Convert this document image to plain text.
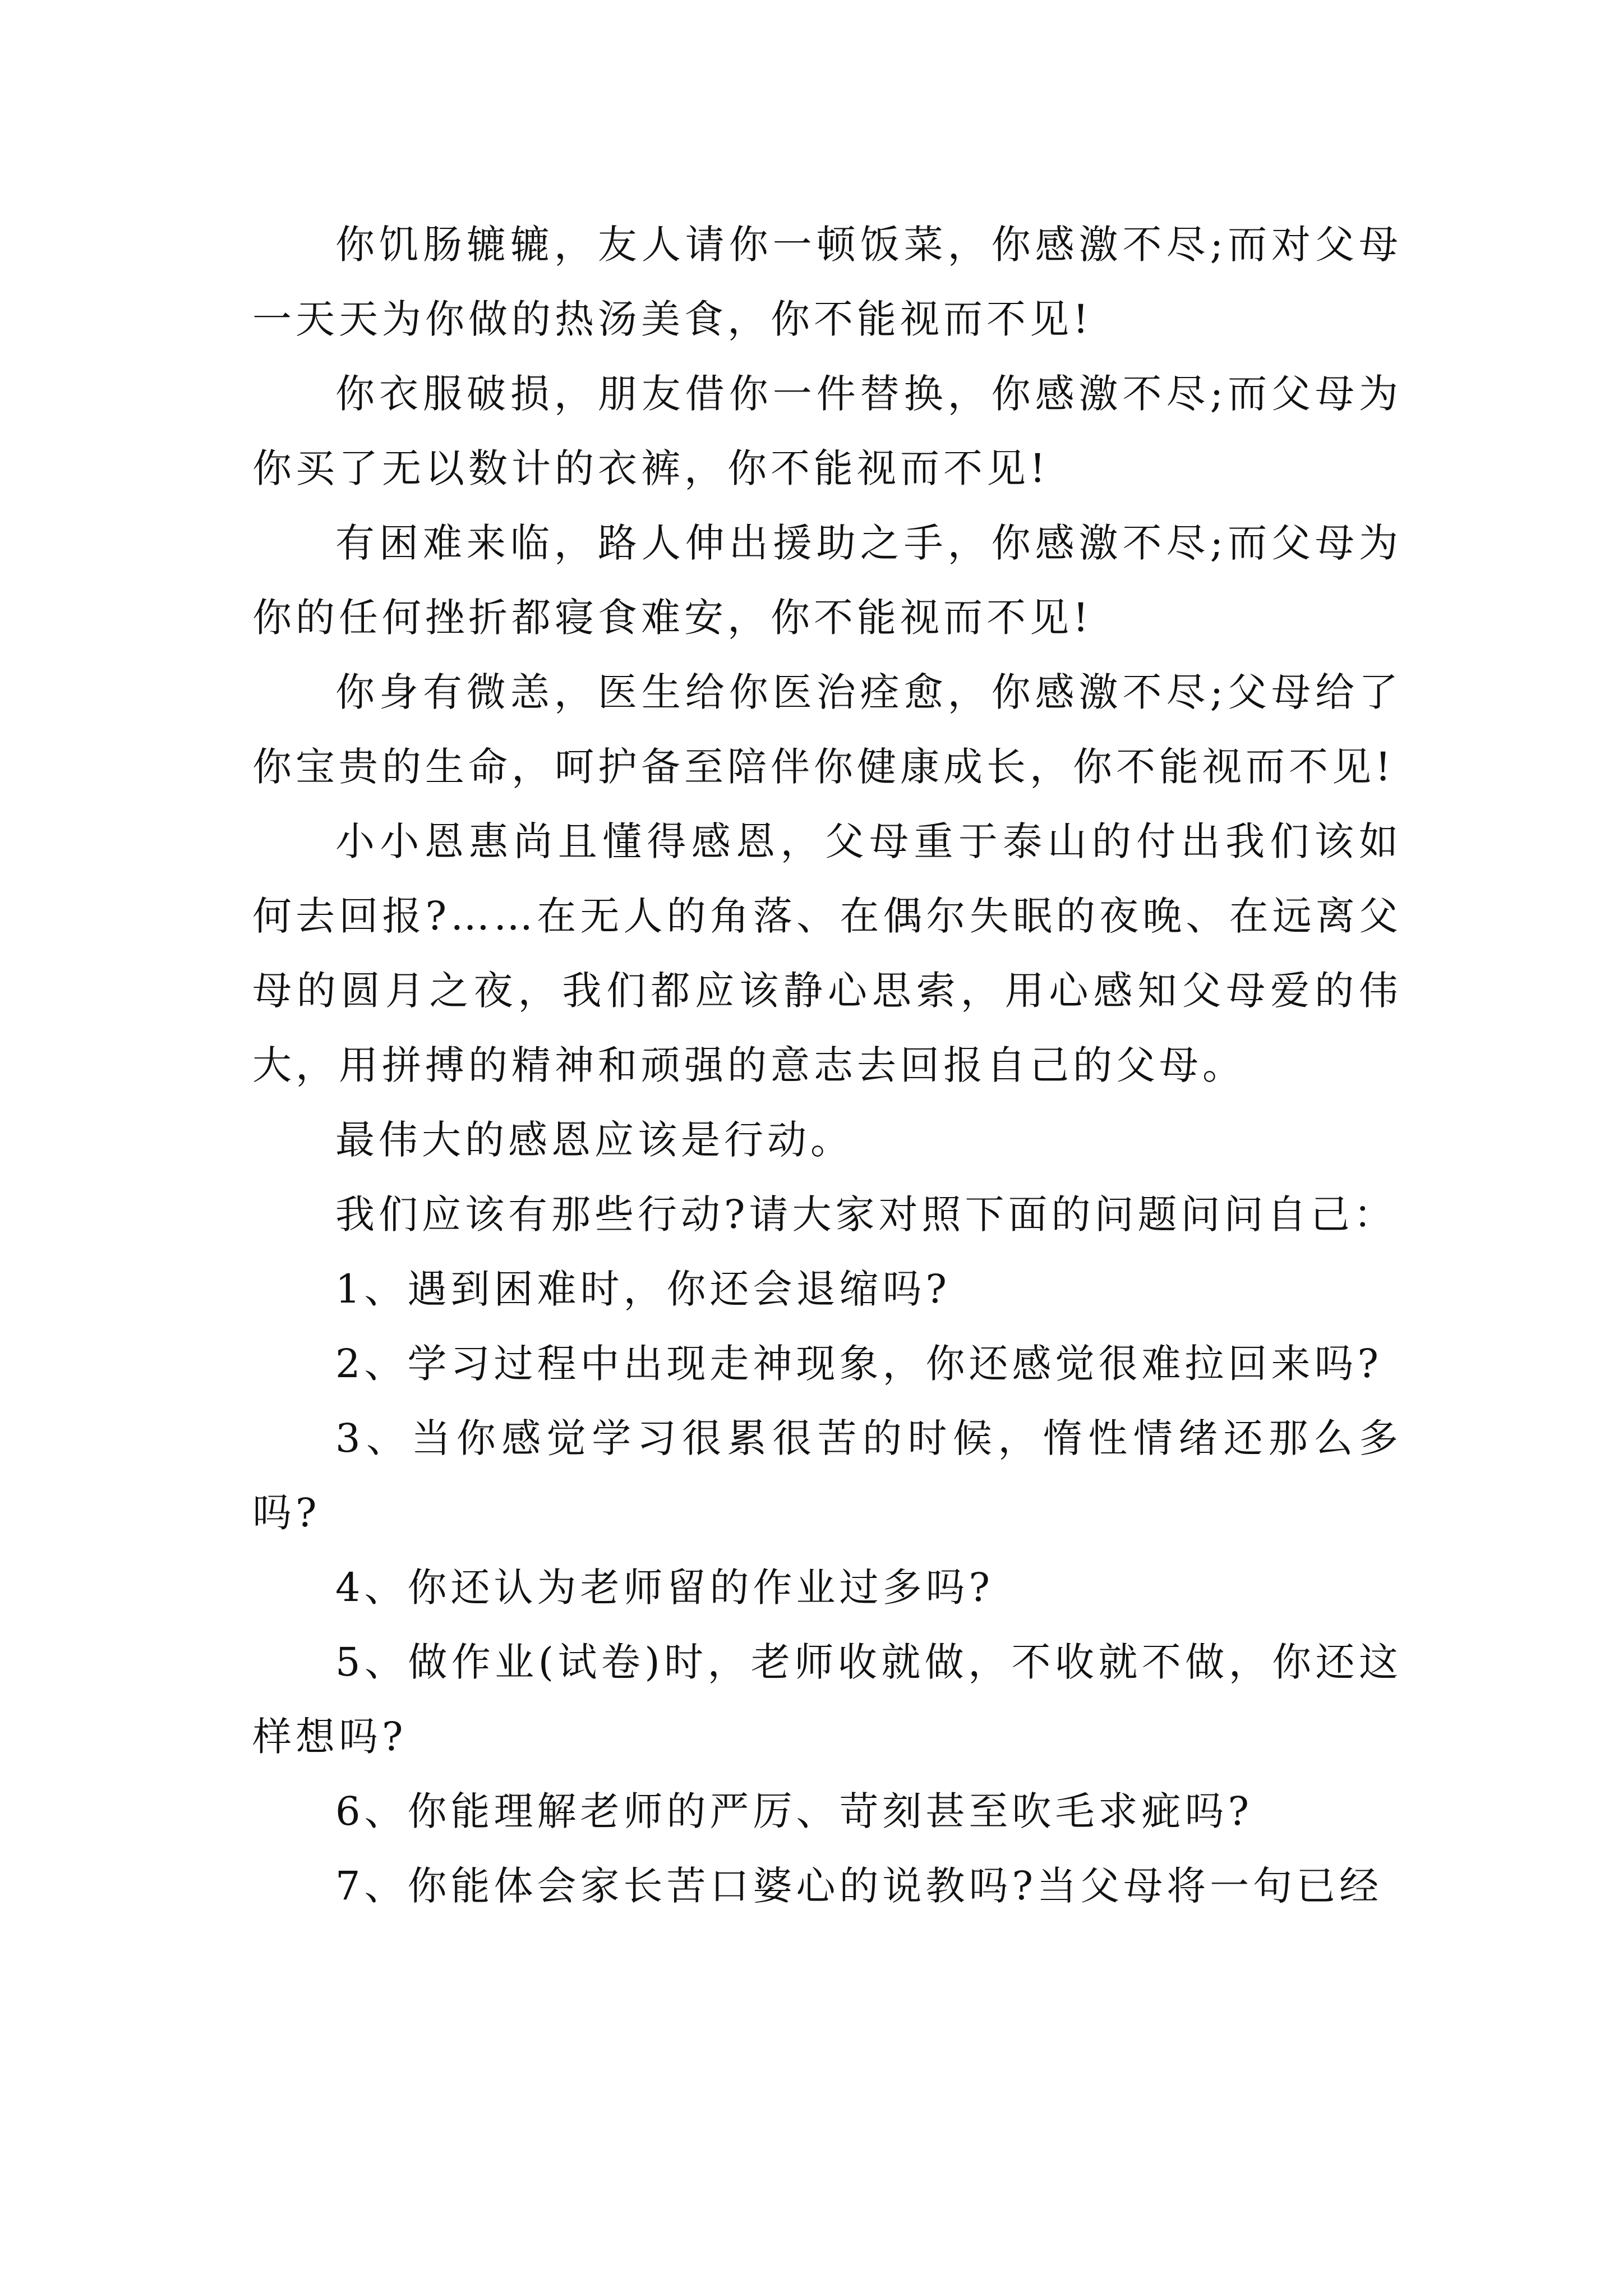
你饥肠辘辘，友人请你一顿饭菜，你感激不尽;而对父母一天天为你做的热汤美食，你不能视而不见!

你衣服破损，朋友借你一件替换，你感激不尽;而父母为你买了无以数计的衣裤，你不能视而不见!

有困难来临，路人伸出援助之手，你感激不尽;而父母为你的任何挫折都寝食难安，你不能视而不见!

你身有微恙，医生给你医治痊愈，你感激不尽;父母给了你宝贵的生命，呵护备至陪伴你健康成长，你不能视而不见!

小小恩惠尚且懂得感恩，父母重于泰山的付出我们该如何去回报?……在无人的角落、在偶尔失眠的夜晚、在远离父母的圆月之夜，我们都应该静心思索，用心感知父母爱的伟大，用拼搏的精神和顽强的意志去回报自己的父母。

最伟大的感恩应该是行动。

我们应该有那些行动?请大家对照下面的问题问问自己：

1、遇到困难时，你还会退缩吗?

2、学习过程中出现走神现象，你还感觉很难拉回来吗?

3、当你感觉学习很累很苦的时候，惰性情绪还那么多吗?

4、你还认为老师留的作业过多吗?

5、做作业(试卷)时，老师收就做，不收就不做，你还这样想吗?

6、你能理解老师的严厉、苛刻甚至吹毛求疵吗?

7、你能体会家长苦口婆心的说教吗?当父母将一句已经
